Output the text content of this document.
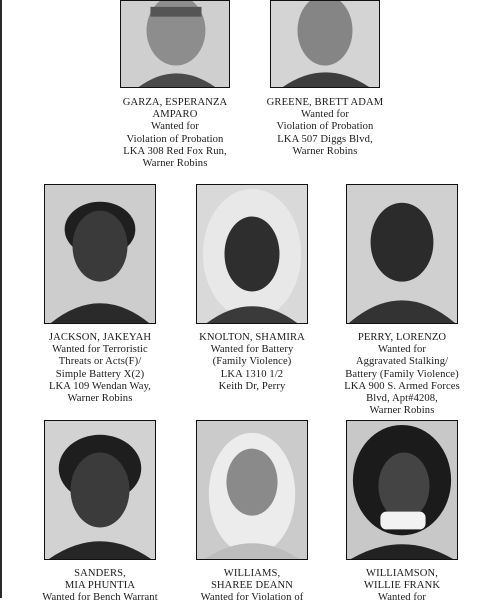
GARZA, ESPERANZA
AMPARO
Wanted for
Violation of Probation
LKA 308 Red Fox Run,
Warner Robins
GREENE, BRETT ADAM
Wanted for
Violation of Probation
LKA 507 Diggs Blvd,
Warner Robins
JACKSON, JAKEYAH
Wanted for Terroristic
Threats or Acts(F)/
Simple Battery X(2)
LKA 109 Wendan Way,
Warner Robins
KNOLTON, SHAMIRA
Wanted for Battery
(Family Violence)
LKA 1310 1/2
Keith Dr, Perry
PERRY, LORENZO
Wanted for
Aggravated Stalking/
Battery (Family Violence)
LKA 900 S. Armed Forces
Blvd, Apt#4208,
Warner Robins
SANDERS,
MIA PHUNTIA
Wanted for Bench Warrant
WILLIAMS,
SHAREE DEANN
Wanted for Violation of
WILLIAMSON,
WILLIE FRANK
Wanted for
